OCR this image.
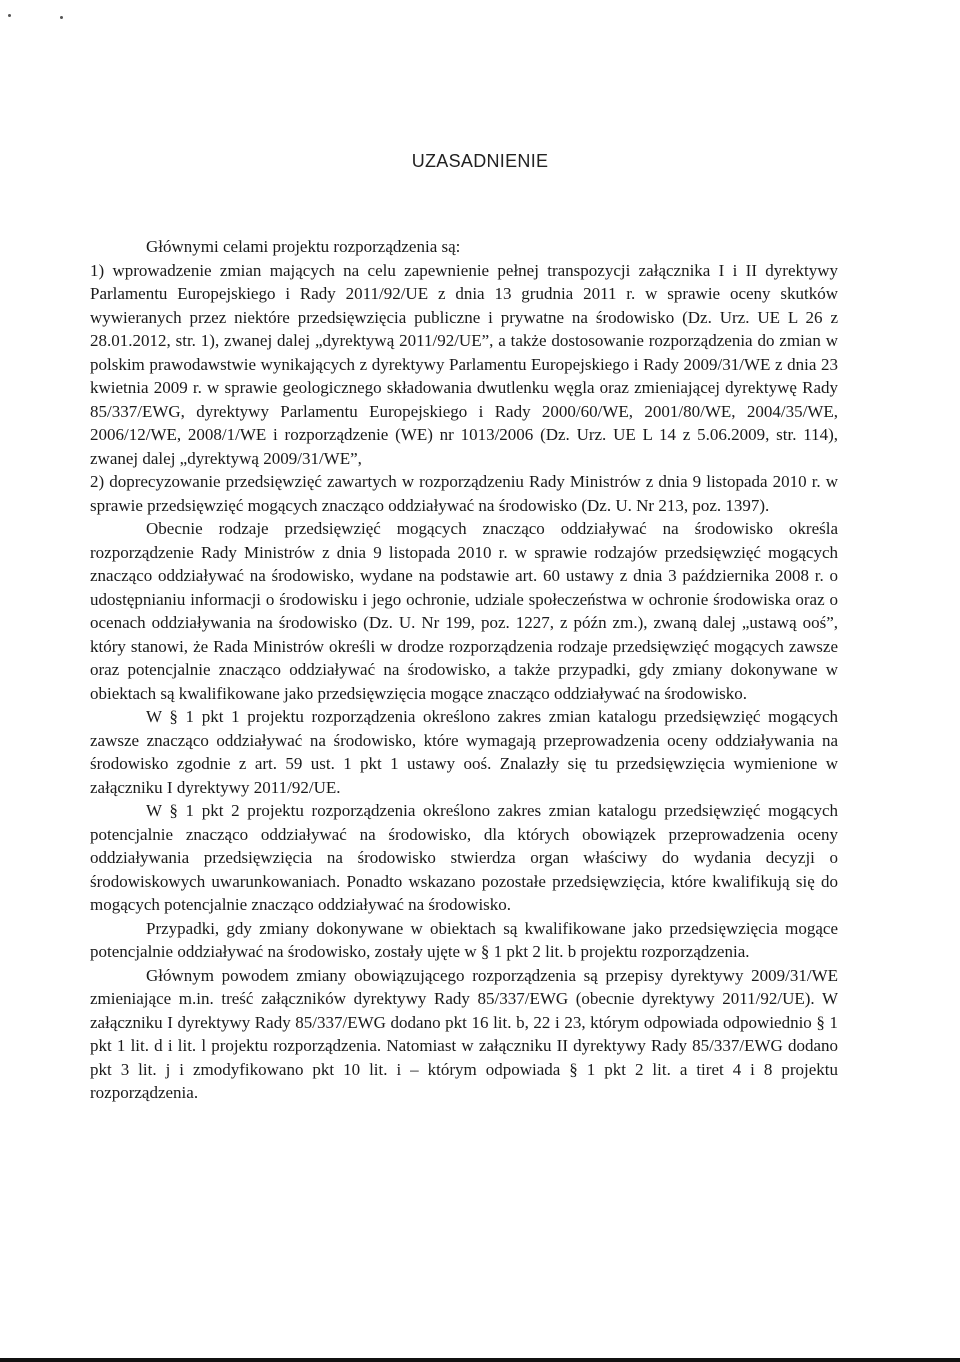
UZASADNIENIE

Głównymi celami projektu rozporządzenia są:

1) wprowadzenie zmian mających na celu zapewnienie pełnej transpozycji załącznika I i II dyrektywy Parlamentu Europejskiego i Rady 2011/92/UE z dnia 13 grudnia 2011 r. w sprawie oceny skutków wywieranych przez niektóre przedsięwzięcia publiczne i prywatne na środowisko (Dz. Urz. UE L 26 z 28.01.2012, str. 1), zwanej dalej „dyrektywą 2011/92/UE”, a także dostosowanie rozporządzenia do zmian w polskim prawodawstwie wynikających z dyrektywy Parlamentu Europejskiego i Rady 2009/31/WE z dnia 23 kwietnia 2009 r. w sprawie geologicznego składowania dwutlenku węgla oraz zmieniającej dyrektywę Rady 85/337/EWG, dyrektywy Parlamentu Europejskiego i Rady 2000/60/WE, 2001/80/WE, 2004/35/WE, 2006/12/WE, 2008/1/WE i rozporządzenie (WE) nr 1013/2006 (Dz. Urz. UE L 14 z 5.06.2009, str. 114), zwanej dalej „dyrektywą 2009/31/WE”,

2) doprecyzowanie przedsięwzięć zawartych w rozporządzeniu Rady Ministrów z dnia 9 listopada 2010 r. w sprawie przedsięwzięć mogących znacząco oddziaływać na środowisko (Dz. U. Nr 213, poz. 1397).

Obecnie rodzaje przedsięwzięć mogących znacząco oddziaływać na środowisko określa rozporządzenie Rady Ministrów z dnia 9 listopada 2010 r. w sprawie rodzajów przedsięwzięć mogących znacząco oddziaływać na środowisko, wydane na podstawie art. 60 ustawy z dnia 3 października 2008 r. o udostępnianiu informacji o środowisku i jego ochronie, udziale społeczeństwa w ochronie środowiska oraz o ocenach oddziaływania na środowisko (Dz. U. Nr 199, poz. 1227, z późn zm.), zwaną dalej „ustawą ooś”, który stanowi, że Rada Ministrów określi w drodze rozporządzenia rodzaje przedsięwzięć mogących zawsze oraz potencjalnie znacząco oddziaływać na środowisko, a także przypadki, gdy zmiany dokonywane w obiektach są kwalifikowane jako przedsięwzięcia mogące znacząco oddziaływać na środowisko.

W § 1 pkt 1 projektu rozporządzenia określono zakres zmian katalogu przedsięwzięć mogących zawsze znacząco oddziaływać na środowisko, które wymagają przeprowadzenia oceny oddziaływania na środowisko zgodnie z art. 59 ust. 1 pkt 1 ustawy ooś. Znalazły się tu przedsięwzięcia wymienione w załączniku I dyrektywy 2011/92/UE.

W § 1 pkt 2 projektu rozporządzenia określono zakres zmian katalogu przedsięwzięć mogących potencjalnie znacząco oddziaływać na środowisko, dla których obowiązek przeprowadzenia oceny oddziaływania przedsięwzięcia na środowisko stwierdza organ właściwy do wydania decyzji o środowiskowych uwarunkowaniach. Ponadto wskazano pozostałe przedsięwzięcia, które kwalifikują się do mogących potencjalnie znacząco oddziaływać na środowisko.

Przypadki, gdy zmiany dokonywane w obiektach są kwalifikowane jako przedsięwzięcia mogące potencjalnie oddziaływać na środowisko, zostały ujęte w § 1 pkt 2 lit. b projektu rozporządzenia.

Głównym powodem zmiany obowiązującego rozporządzenia są przepisy dyrektywy 2009/31/WE zmieniające m.in. treść załączników dyrektywy Rady 85/337/EWG (obecnie dyrektywy 2011/92/UE). W załączniku I dyrektywy Rady 85/337/EWG dodano pkt 16 lit. b, 22 i 23, którym odpowiada odpowiednio § 1 pkt 1 lit. d i lit. l projektu rozporządzenia. Natomiast w załączniku II dyrektywy Rady 85/337/EWG dodano pkt 3 lit. j i zmodyfikowano pkt 10 lit. i – którym odpowiada § 1 pkt 2 lit. a tiret 4 i 8 projektu rozporządzenia.
